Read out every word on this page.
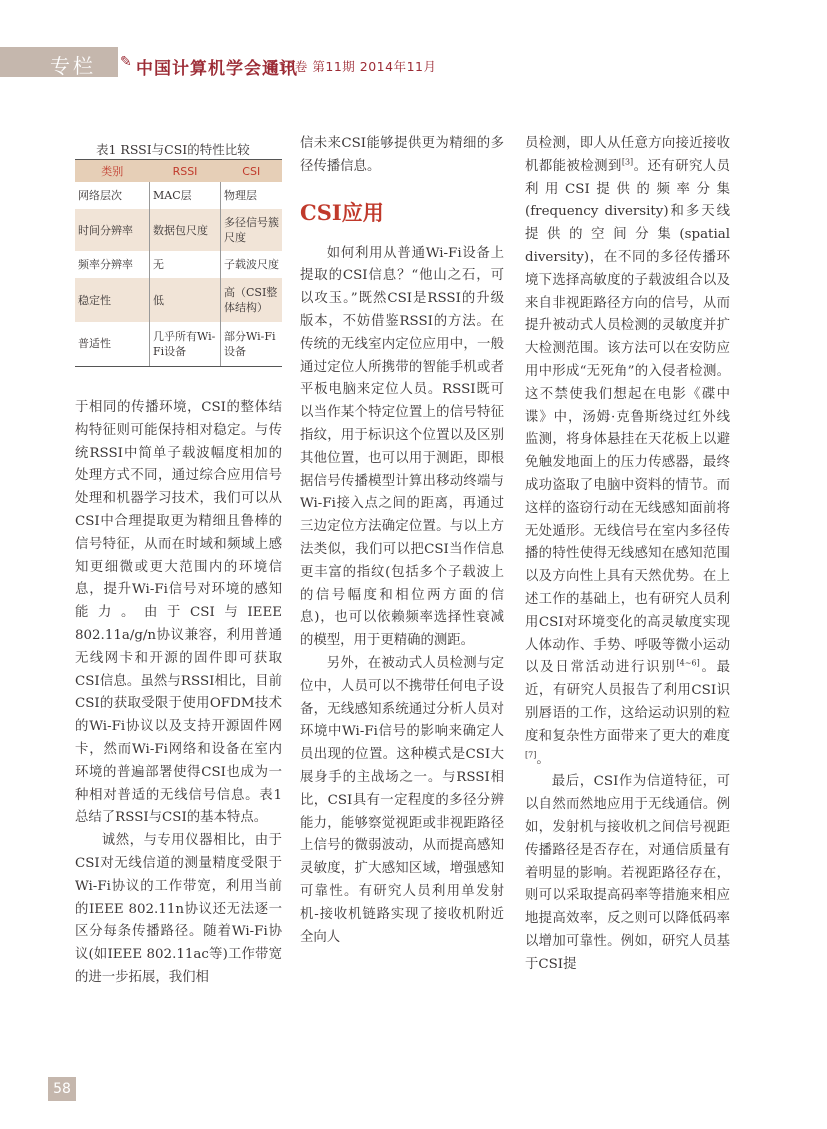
专栏 ✎ 中国计算机学会通讯
第10卷 第11期 2014年11月
表1 RSSI与CSI的特性比较
类别	RSSI	CSI
网络层次	MAC层	物理层
时间分辨率	数据包尺度	多径信号簇尺度
频率分辨率	无	子载波尺度
稳定性	低	高（CSI整体结构）
普适性	几乎所有Wi-Fi设备	部分Wi-Fi设备

于相同的传播环境，CSI的整体结构特征则可能保持相对稳定。与传统RSSI中简单子载波幅度相加的处理方式不同，通过综合应用信号处理和机器学习技术，我们可以从CSI中合理提取更为精细且鲁棒的信号特征，从而在时域和频域上感知更细微或更大范围内的环境信息，提升Wi-Fi信号对环境的感知能力。由于CSI与IEEE 802.11a/g/n协议兼容，利用普通无线网卡和开源的固件即可获取CSI信息。虽然与RSSI相比，目前CSI的获取受限于使用OFDM技术的Wi-Fi协议以及支持开源固件网卡，然而Wi-Fi网络和设备在室内环境的普遍部署使得CSI也成为一种相对普适的无线信号信息。表1总结了RSSI与CSI的基本特点。

诚然，与专用仪器相比，由于CSI对无线信道的测量精度受限于Wi-Fi协议的工作带宽，利用当前的IEEE 802.11n协议还无法逐一区分每条传播路径。随着Wi-Fi协议(如IEEE 802.11ac等)工作带宽的进一步拓展，我们相

信未来CSI能够提供更为精细的多径传播信息。

CSI应用

如何利用从普通Wi-Fi设备上提取的CSI信息？“他山之石，可以攻玉。”既然CSI是RSSI的升级版本，不妨借鉴RSSI的方法。在传统的无线室内定位应用中，一般通过定位人所携带的智能手机或者平板电脑来定位人员。RSSI既可以当作某个特定位置上的信号特征指纹，用于标识这个位置以及区别其他位置，也可以用于测距，即根据信号传播模型计算出移动终端与Wi-Fi接入点之间的距离，再通过三边定位方法确定位置。与以上方法类似，我们可以把CSI当作信息更丰富的指纹(包括多个子载波上的信号幅度和相位两方面的信息)，也可以依赖频率选择性衰减的模型，用于更精确的测距。

另外，在被动式人员检测与定位中，人员可以不携带任何电子设备，无线感知系统通过分析人员对环境中Wi-Fi信号的影响来确定人员出现的位置。这种模式是CSI大展身手的主战场之一。与RSSI相比，CSI具有一定程度的多径分辨能力，能够察觉视距或非视距路径上信号的微弱波动，从而提高感知灵敏度，扩大感知区域，增强感知可靠性。有研究人员利用单发射机-接收机链路实现了接收机附近全向人

员检测，即人从任意方向接近接收机都能被检测到[3]。还有研究人员利用CSI提供的频率分集(frequency diversity)和多天线提供的空间分集(spatial diversity)，在不同的多径传播环境下选择高敏度的子载波组合以及来自非视距路径方向的信号，从而提升被动式人员检测的灵敏度并扩大检测范围。该方法可以在安防应用中形成“无死角”的入侵者检测。这不禁使我们想起在电影《碟中谍》中，汤姆·克鲁斯绕过红外线监测，将身体悬挂在天花板上以避免触发地面上的压力传感器，最终成功盗取了电脑中资料的情节。而这样的盗窃行动在无线感知面前将无处遁形。无线信号在室内多径传播的特性使得无线感知在感知范围以及方向性上具有天然优势。在上述工作的基础上，也有研究人员利用CSI对环境变化的高灵敏度实现人体动作、手势、呼吸等微小运动以及日常活动进行识别[4~6]。最近，有研究人员报告了利用CSI识别唇语的工作，这给运动识别的粒度和复杂性方面带来了更大的难度[7]。

最后，CSI作为信道特征，可以自然而然地应用于无线通信。例如，发射机与接收机之间信号视距传播路径是否存在，对通信质量有着明显的影响。若视距路径存在，则可以采取提高码率等措施来相应地提高效率，反之则可以降低码率以增加可靠性。例如，研究人员基于CSI提

58
